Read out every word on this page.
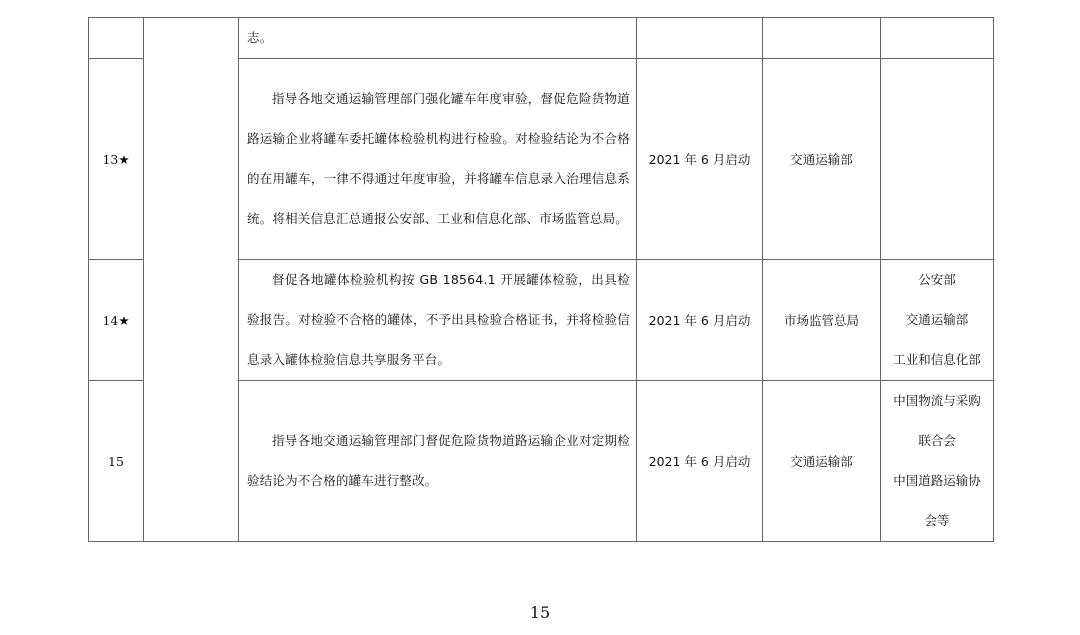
		志。			
13★		指导各地交通运输管理部门强化罐车年度审验，督促危险货物道路运输企业将罐车委托罐体检验机构进行检验。对检验结论为不合格的在用罐车，一律不得通过年度审验，并将罐车信息录入治理信息系统。将相关信息汇总通报公安部、工业和信息化部、市场监管总局。	2021 年 6 月启动	交通运输部	
14★		督促各地罐体检验机构按 GB 18564.1 开展罐体检验，出具检验报告。对检验不合格的罐体，不予出具检验合格证书，并将检验信息录入罐体检验信息共享服务平台。	2021 年 6 月启动	市场监管总局	公安部
交通运输部
工业和信息化部

15		指导各地交通运输管理部门督促危险货物道路运输企业对定期检验结论为不合格的罐车进行整改。	2021 年 6 月启动	交通运输部	中国物流与采购
联合会
中国道路运输协
会等
15
